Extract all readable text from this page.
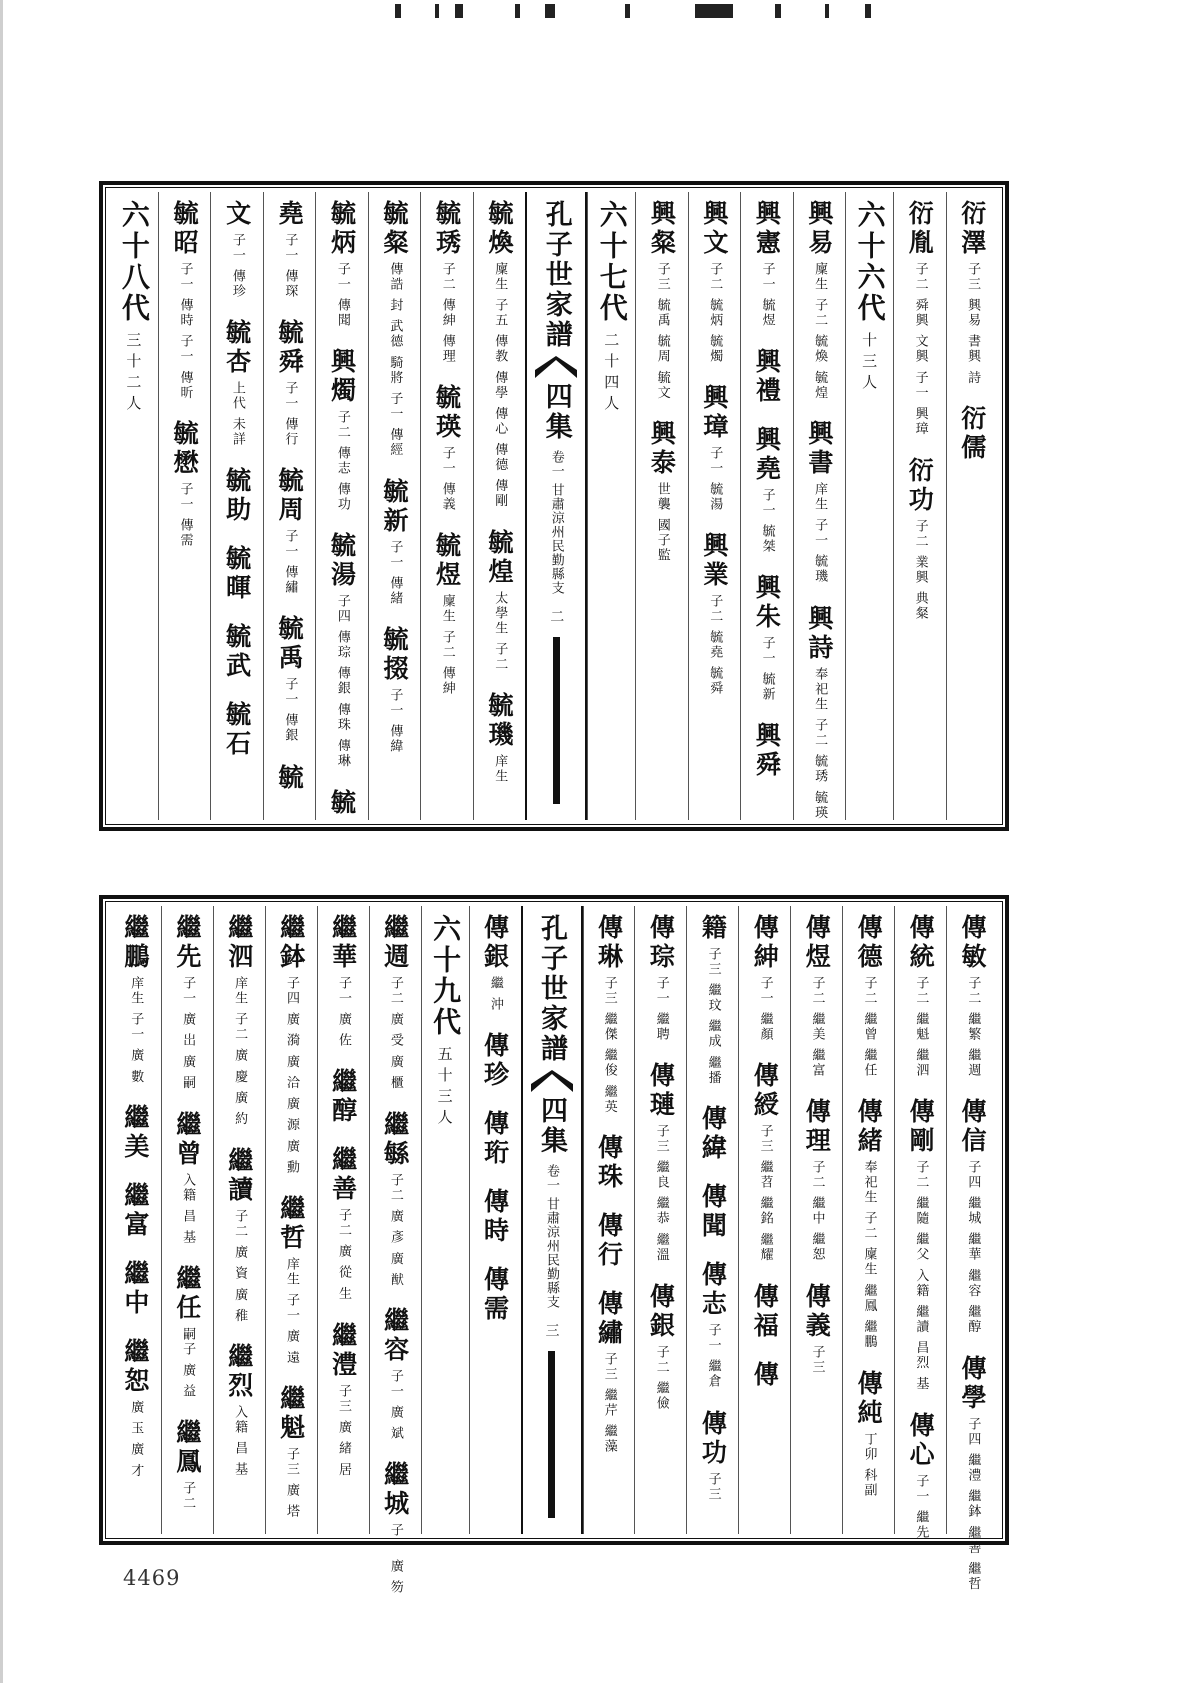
衍澤
子三 興易 書興 詩
衍儒
衍胤
子二 舜興 文興 子一 興璋
衍功
子二 業興 典粲
六十六代
十三人
興易
廩生 子二 毓煥 毓煌
興書
庠生 子一 毓璣
興詩
奉祀生 子二 毓琇 毓瑛
興憲
子一 毓煜
興禮
興堯
子一 毓桀
興朱
子一 毓新
興舜
興文
子二 毓炳 毓燭
興璋
子一 毓湯
興業
子二 毓堯 毓舜
興粲
子三 毓禹 毓周 毓文
興泰
世襲 國子監
六十七代
二十四人
孔子世家譜
四集
卷一 甘肅涼州民勤縣支
二
毓煥
廩生 子五 傳教 傳學 傳心 傳德 傳剛
毓煌
太學生 子二
毓璣
庠生
毓琇
子二 傳紳 傳理
毓瑛
子一 傳義
毓煜
廩生 子二 傳紳
毓粲
傳誥 封 武德 騎將 子一 傳經
毓新
子一 傳緒
毓掇
子一 傳緯
毓炳
子一 傳聞
興燭
子二 傳志 傳功
毓湯
子四 傳琮 傳銀 傳珠 傳琳
毓
堯
子一 傳琛
毓舜
子一 傳行
毓周
子一 傳繡
毓禹
子一 傳銀
毓
文
子一 傳珍
毓杏
上代 未詳
毓助
毓暉
毓武
毓石
毓昭
子一 傳時 子一 傳昕
毓懋
子一 傳需
六十八代
三十二人
傳敏
子二 繼繁 繼週
傳信
子四 繼城 繼華 繼容 繼醇
傳學
子四 繼澧 繼鉢 繼善 繼哲
傳統
子二 繼魁 繼泗
傳剛
子二 繼隨 繼父 入籍 繼讀 昌烈 基
傳心
子一 繼先
傳德
子二 繼曾 繼任
傳緒
奉祀生 子二 廩生 繼鳳 繼鵬
傳純
丁卯 科副
傳煜
子二 繼美 繼富
傳理
子二 繼中 繼恕
傳義
子三
傳紳
子一 繼顏
傳綬
子三 繼苕 繼銘 繼耀
傳福
傳
籍
子三 繼玟 繼成 繼播
傳緯
傳聞
傳志
子一 繼倉
傳功
子三
傳琮
子一 繼聘
傳璉
子三 繼良 繼恭 繼溫
傳銀
子二 繼儉
傳琳
子三 繼傑 繼俊 繼英
傳珠
傳行
傳繡
子三 繼芹 繼藻
孔子世家譜
四集
卷一 甘肅涼州民勤縣支
三
傳銀
繼 沖
傳珍
傳珩
傳時
傳需
六十九代
五十三人
繼週
子二 廣 受 廣 櫃
繼緐
子二 廣 彥 廣 猷
繼容
子一 廣 斌
繼城
子一 廣 笏
繼華
子一 廣 佐
繼醇
繼善
子二 廣 從 生
繼澧
子三 廣 緒 居
繼鉢
子四 廣 漪 廣 洽 廣 源 廣 勳
繼哲
庠生 子一 廣 遠
繼魁
子三 廣 塔
繼泗
庠生 子二 廣 慶 廣 約
繼讀
子二 廣 資 廣 稚
繼烈
入籍 昌 基
繼先
子一 廣 岀 廣 嗣
繼曾
入籍 昌 基
繼任
嗣子 廣 益
繼鳳
子二
繼鵬
庠生 子一 廣 數
繼美
繼富
繼中
繼恕
廣 玉 廣 才
4469
